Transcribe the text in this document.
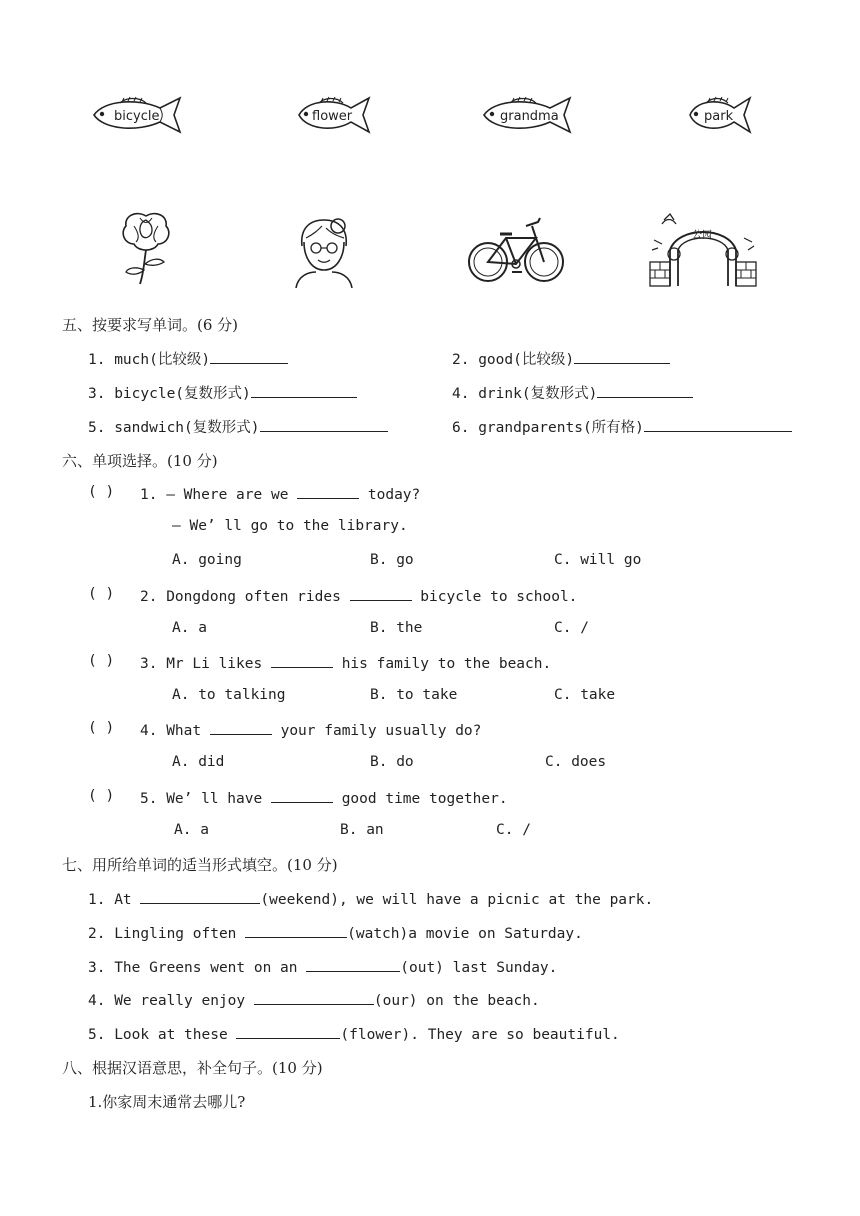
bicycle	flower	grandma	park
公园
五、按要求写单词。(6 分)
1. much(比较级)	2. good(比较级)
3. bicycle(复数形式)	4. drink(复数形式)
5. sandwich(复数形式)	6. grandparents(所有格)
六、单项选择。(10 分)
( ) 1. — Where are we	today?
— We’ ll go to the library.
A. going	B. go	C. will go
( ) 2. Dongdong often rides	bicycle to school.
A. a	B. the	C. /
( ) 3. Mr Li likes	his family to the beach.
A. to talking	B. to take	C. take
( ) 4. What	your family usually do?
A. did	B. do	C. does
( ) 5. We’ ll have	good time together.
A. a	B. an	C. /
七、用所给单词的适当形式填空。(10 分)
1. At	(weekend), we will have a picnic at the park.
2. Lingling often	(watch)a movie on Saturday.
3. The Greens went on an	(out) last Sunday.
4. We really enjoy	(our) on the beach.
5. Look at these	(flower). They are so beautiful.
八、根据汉语意思，补全句子。(10 分)
1.你家周末通常去哪儿?
